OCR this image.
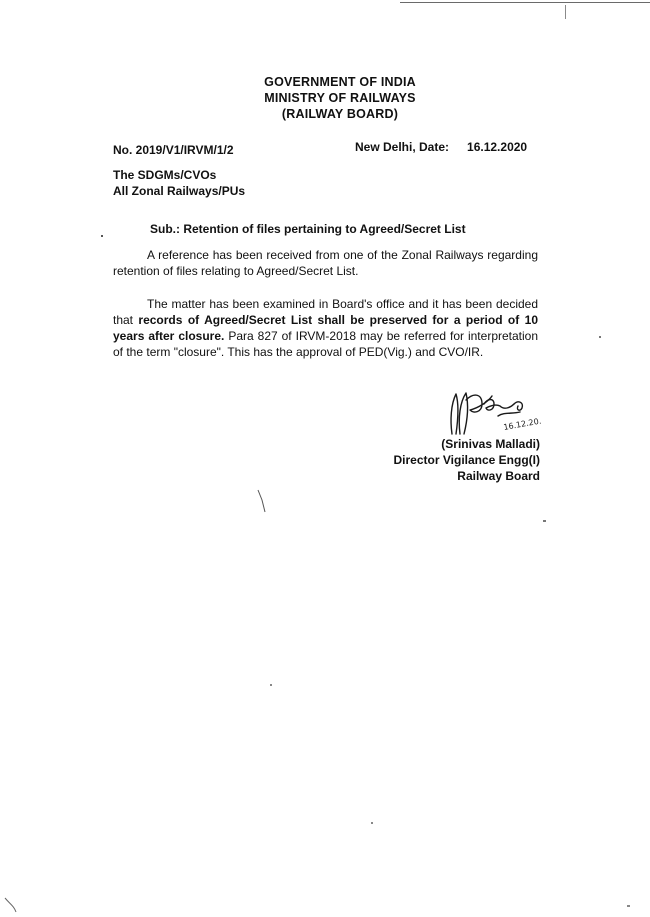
GOVERNMENT OF INDIA
MINISTRY OF RAILWAYS
(RAILWAY BOARD)
No. 2019/V1/IRVM/1/2	New Delhi, Date: 16.12.2020
The SDGMs/CVOs
All Zonal Railways/PUs
Sub.: Retention of files pertaining to Agreed/Secret List
A reference has been received from one of the Zonal Railways regarding retention of files relating to Agreed/Secret List.
The matter has been examined in Board's office and it has been decided that records of Agreed/Secret List shall be preserved for a period of 10 years after closure. Para 827 of IRVM-2018 may be referred for interpretation of the term "closure". This has the approval of PED(Vig.) and CVO/IR.
16.12.20.
(Srinivas Malladi)
Director Vigilance Engg(I)
Railway Board
